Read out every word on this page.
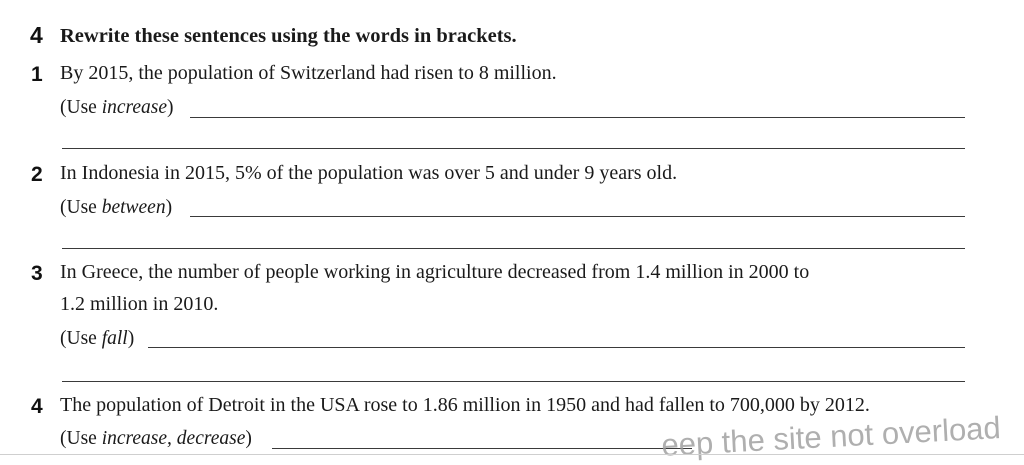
4 Rewrite these sentences using the words in brackets.
1 By 2015, the population of Switzerland had risen to 8 million.
(Use increase)
2 In Indonesia in 2015, 5% of the population was over 5 and under 9 years old.
(Use between)
3 In Greece, the number of people working in agriculture decreased from 1.4 million in 2000 to
1.2 million in 2010.
(Use fall)
4 The population of Detroit in the USA rose to 1.86 million in 1950 and had fallen to 700,000 by 2012.
(Use increase, decrease)	eep the site not overload
